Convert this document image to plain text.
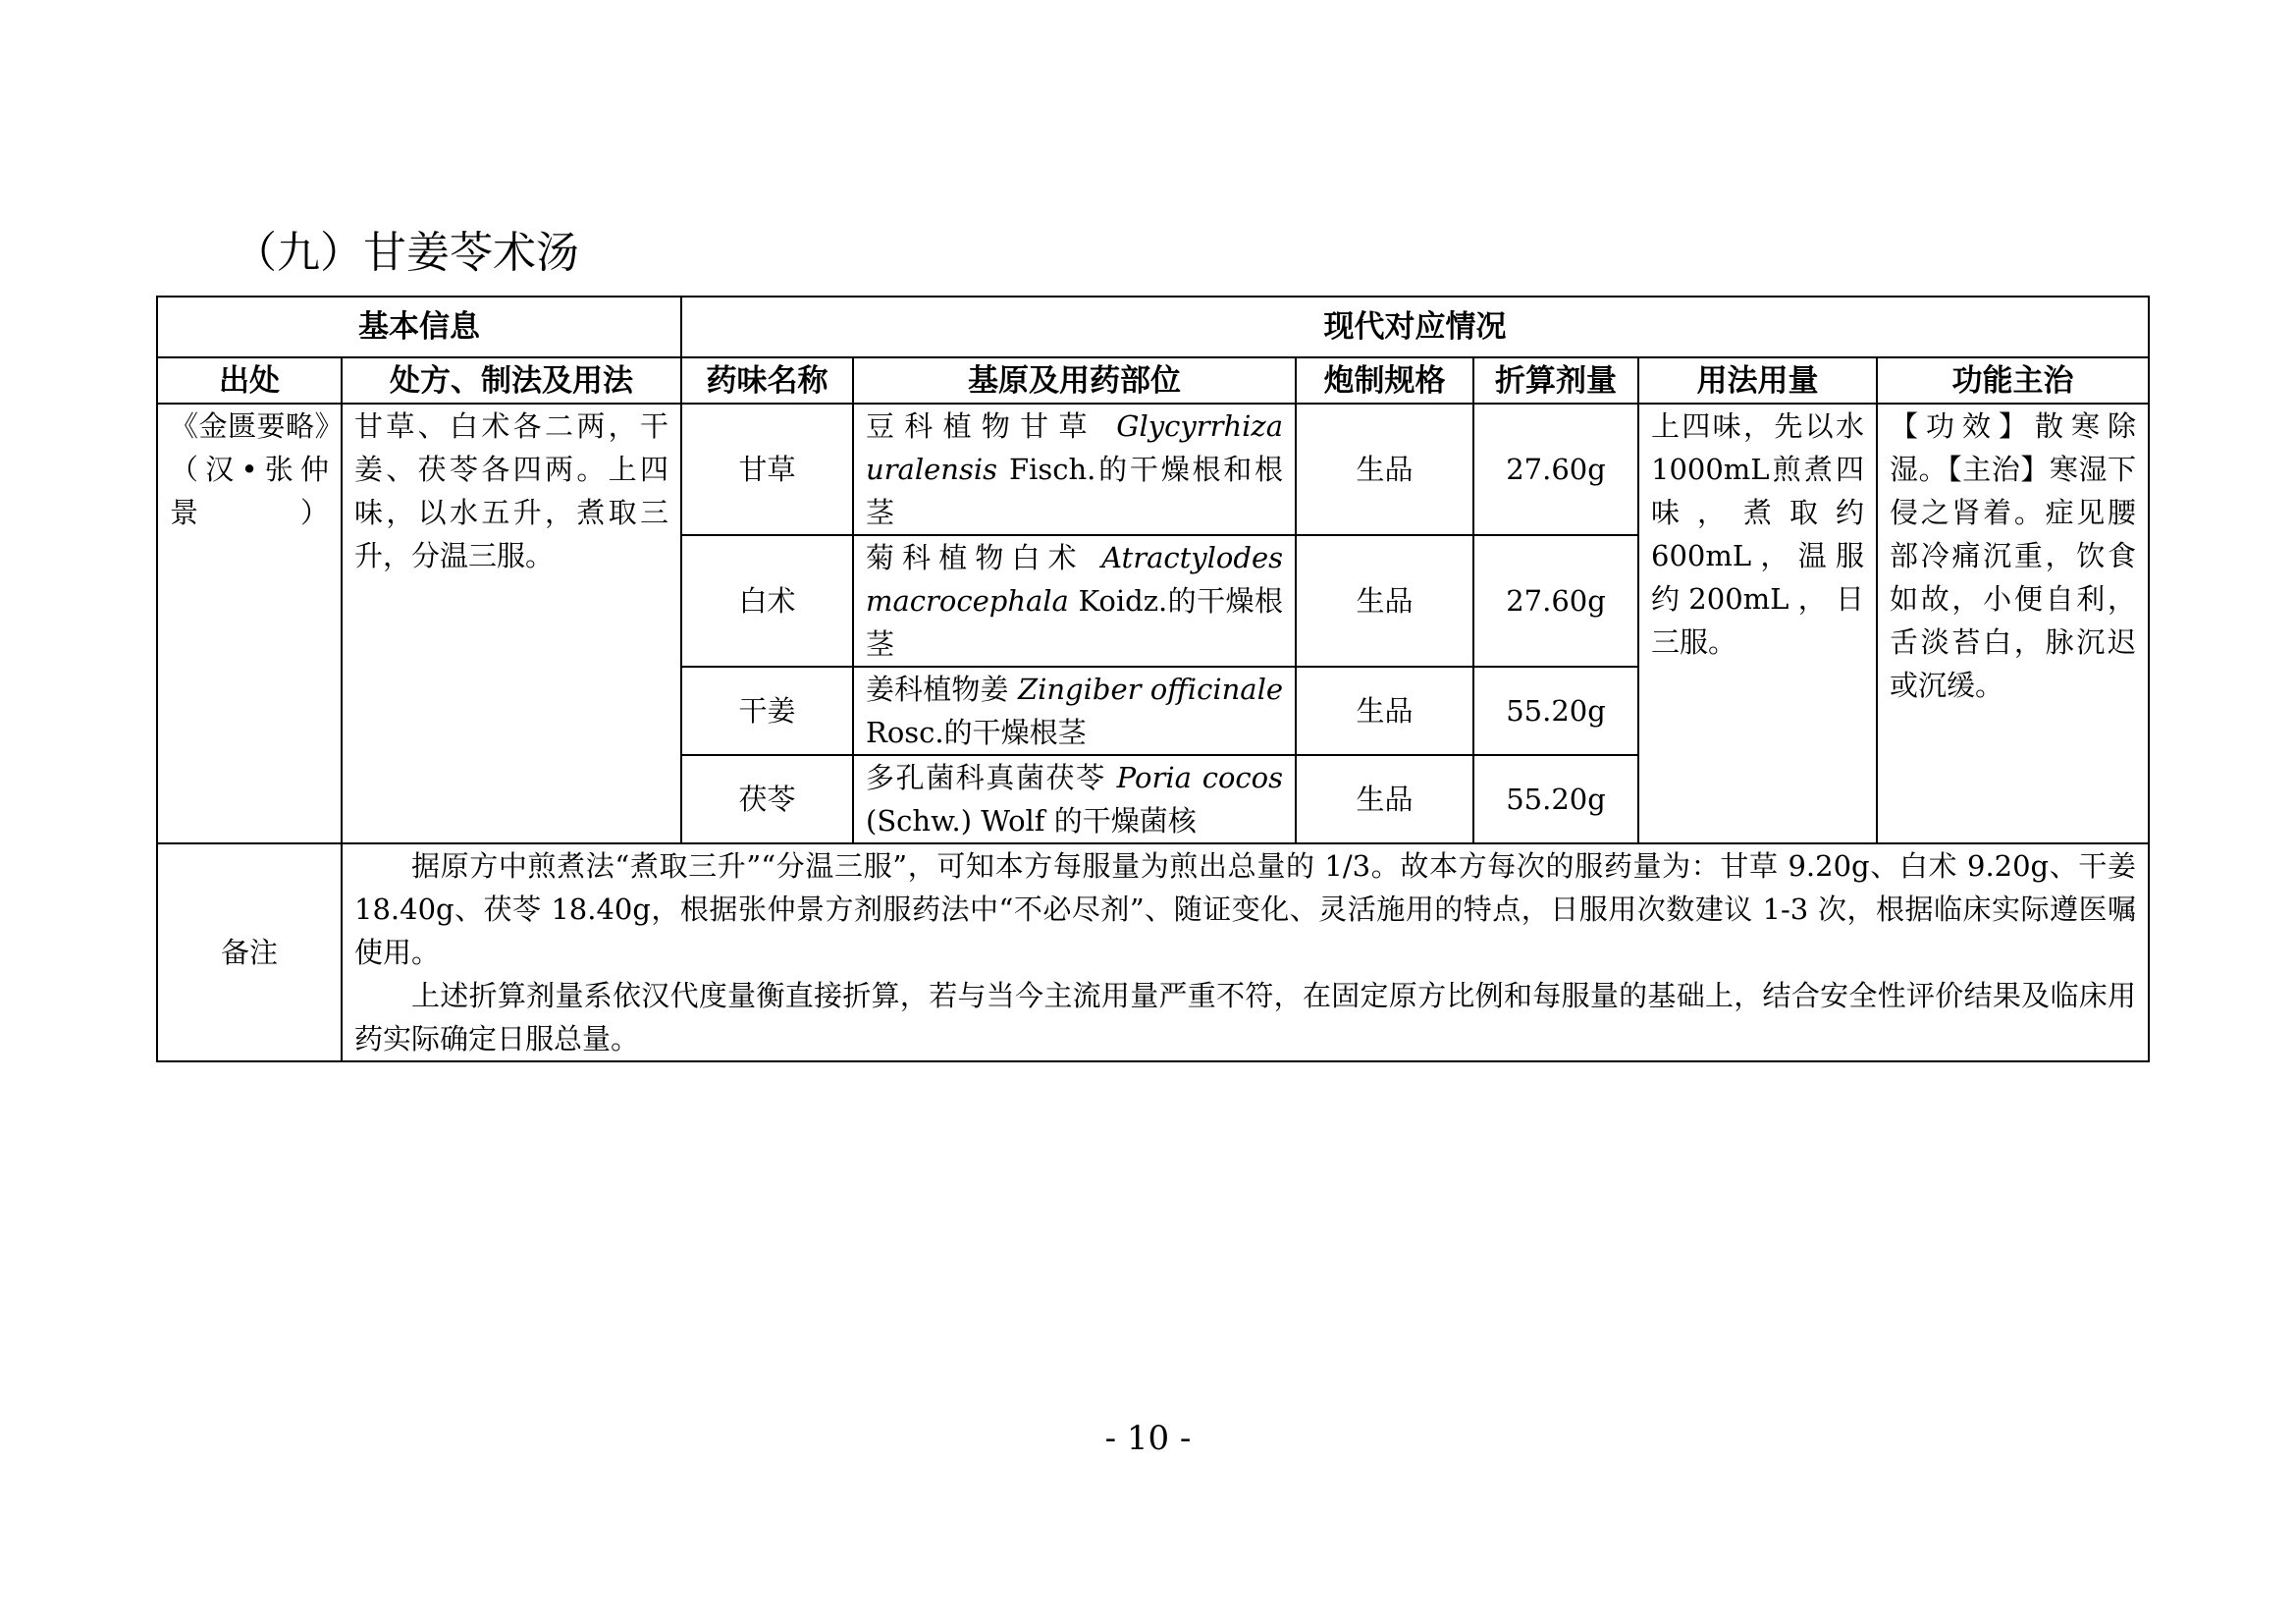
（九）甘姜苓术汤
基本信息		现代对应情况					
出处	处方、制法及用法	药味名称	基原及用药部位	炮制规格	折算剂量	用法用量	功能主治
《金匮要略》（汉•张仲景）	甘草、白术各二两，干姜、茯苓各四两。上四味，以水五升，煮取三升，分温三服。	甘草	豆科植物甘草 Glycyrrhiza uralensis Fisch.的干燥根和根茎	生品	27.60g	上四味，先以水1000mL煎煮四味，煮取约600mL，温服约200mL，日三服。	【功效】散寒除湿。【主治】寒湿下侵之肾着。症见腰部冷痛沉重，饮食如故，小便自利，舌淡苔白，脉沉迟或沉缓。
		白术	菊科植物白术 Atractylodes macrocephala Koidz.的干燥根茎	生品	27.60g		
		干姜	姜科植物姜 Zingiber officinale Rosc.的干燥根茎	生品	55.20g		
		茯苓	多孔菌科真菌茯苓 Poria cocos (Schw.) Wolf 的干燥菌核	生品	55.20g		
备注	据原方中煎煮法“煮取三升”“分温三服”，可知本方每服量为煎出总量的 1/3。故本方每次的服药量为：甘草 9.20g、白术 9.20g、干姜 18.40g、茯苓 18.40g，根据张仲景方剂服药法中“不必尽剂”、随证变化、灵活施用的特点，日服用次数建议 1-3 次，根据临床实际遵医嘱使用。
上述折算剂量系依汉代度量衡直接折算，若与当今主流用量严重不符，在固定原方比例和每服量的基础上，结合安全性评价结果及临床用药实际确定日服总量。						
- 10 -
